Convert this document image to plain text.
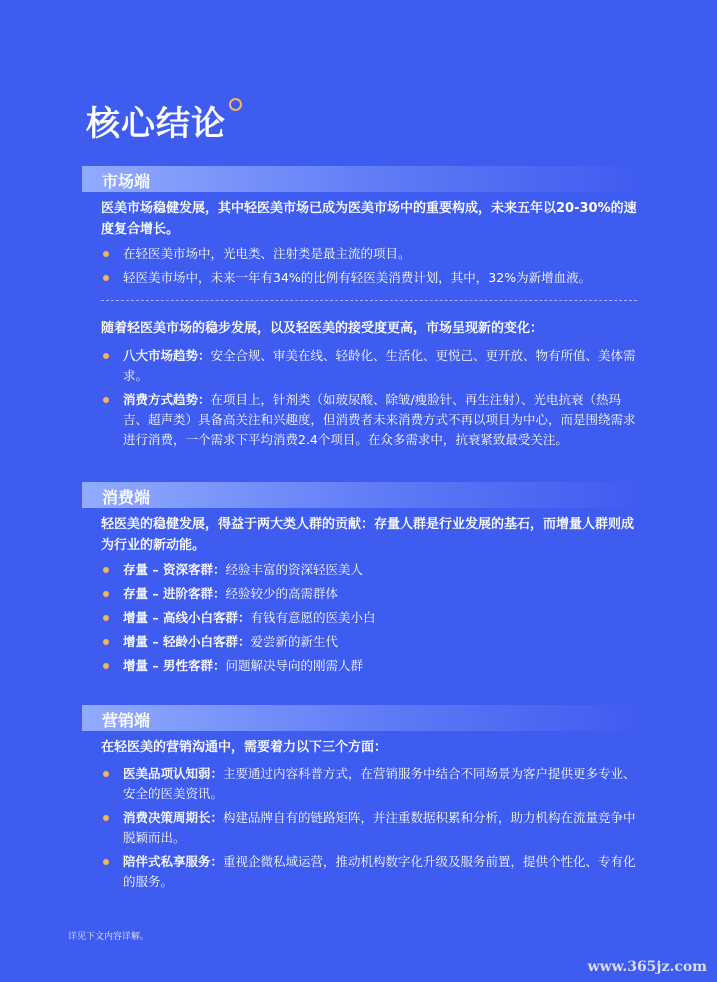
核心结论
市场端

医美市场稳健发展，其中轻医美市场已成为医美市场中的重要构成，未来五年以20-30%的速度复合增长。

在轻医美市场中，光电类、注射类是最主流的项目。
轻医美市场中，未来一年有34%的比例有轻医美消费计划，其中，32%为新增血液。

随着轻医美市场的稳步发展，以及轻医美的接受度更高，市场呈现新的变化：

八大市场趋势：安全合规、审美在线、轻龄化、生活化、更悦己、更开放、物有所值、美体需求。
消费方式趋势：在项目上，针剂类（如玻尿酸、除皱/瘦脸针、再生注射）、光电抗衰（热玛吉、超声类）具备高关注和兴趣度，但消费者未来消费方式不再以项目为中心，而是围绕需求进行消费，一个需求下平均消费2.4个项目。在众多需求中，抗衰紧致最受关注。
消费端

轻医美的稳健发展，得益于两大类人群的贡献：存量人群是行业发展的基石，而增量人群则成为行业的新动能。

存量 – 资深客群：经验丰富的资深轻医美人
存量 – 进阶客群：经验较少的高需群体
增量 – 高线小白客群：有钱有意愿的医美小白
增量 – 轻龄小白客群：爱尝新的新生代
增量 – 男性客群：问题解决导向的刚需人群
营销端

在轻医美的营销沟通中，需要着力以下三个方面：

医美品项认知弱：主要通过内容科普方式，在营销服务中结合不同场景为客户提供更多专业、安全的医美资讯。
消费决策周期长：构建品牌自有的链路矩阵，并注重数据积累和分析，助力机构在流量竞争中脱颖而出。
陪伴式私享服务：重视企微私域运营，推动机构数字化升级及服务前置，提供个性化、专有化的服务。
详见下文内容详解。
www.365jz.com
